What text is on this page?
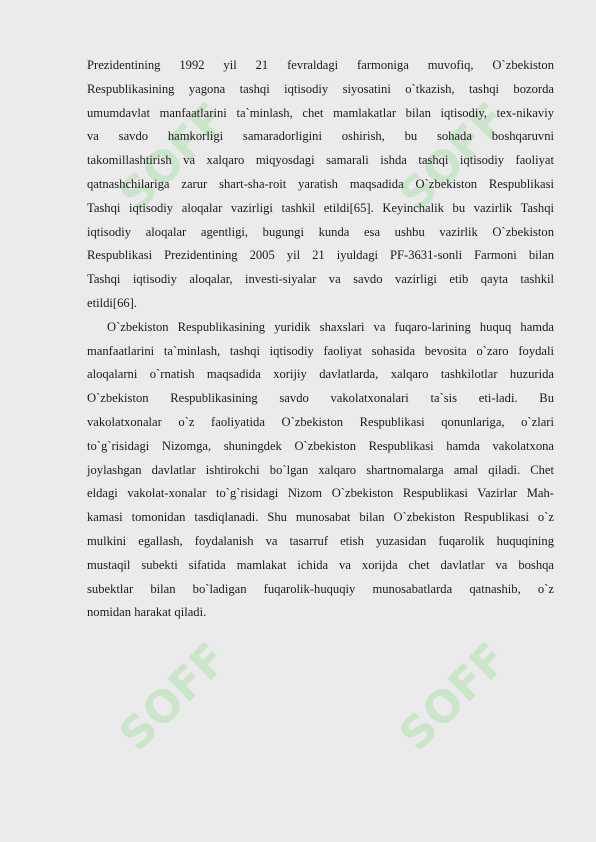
SOFF	SOFF
SOFF	SOFF
Prezidentining 1992 yil 21 fevraldagi farmoniga muvofiq, O`zbekiston
Respublikasining yagona tashqi iqtisodiy siyosatini o`tkazish, tashqi bozorda
umumdavlat manfaatlarini ta`minlash, chet mamlakatlar bilan iqtisodiy, tex-nikaviy
va savdo hamkorligi samaradorligini oshirish, bu sohada boshqaruvni
takomillashtirish va xalqaro miqyosdagi samarali ishda tashqi iqtisodiy faoliyat
qatnashchilariga zarur shart-sha-roit yaratish maqsadida O`zbekiston Respublikasi
Tashqi iqtisodiy aloqalar vazirligi tashkil etildi[65]. Keyinchalik bu vazirlik Tashqi
iqtisodiy aloqalar agentligi, bugungi kunda esa ushbu vazirlik O`zbekiston
Respublikasi Prezidentining 2005 yil 21 iyuldagi PF-3631-sonli Farmoni bilan
Tashqi iqtisodiy aloqalar, investi-siyalar va savdo vazirligi etib qayta tashkil
etildi[66].
O`zbekiston Respublikasining yuridik shaxslari va fuqaro-larining huquq hamda
manfaatlarini ta`minlash, tashqi iqtisodiy faoliyat sohasida bevosita o`zaro foydali
aloqalarni o`rnatish maqsadida xorijiy davlatlarda, xalqaro tashkilotlar huzurida
O`zbekiston Respublikasining savdo vakolatxonalari ta`sis eti-ladi. Bu
vakolatxonalar o`z faoliyatida O`zbekiston Respublikasi qonunlariga, o`zlari
to`g`risidagi Nizomga, shuningdek O`zbekiston Respublikasi hamda vakolatxona
joylashgan davlatlar ishtirokchi bo`lgan xalqaro shartnomalarga amal qiladi. Chet
eldagi vakolat-xonalar to`g`risidagi Nizom O`zbekiston Respublikasi Vazirlar Mah-
kamasi tomonidan tasdiqlanadi. Shu munosabat bilan O`zbekiston Respublikasi o`z
mulkini egallash, foydalanish va tasarruf etish yuzasidan fuqarolik huquqining
mustaqil subekti sifatida mamlakat ichida va xorijda chet davlatlar va boshqa
subektlar bilan bo`ladigan fuqarolik-huquqiy munosabatlarda qatnashib, o`z
nomidan harakat qiladi.
